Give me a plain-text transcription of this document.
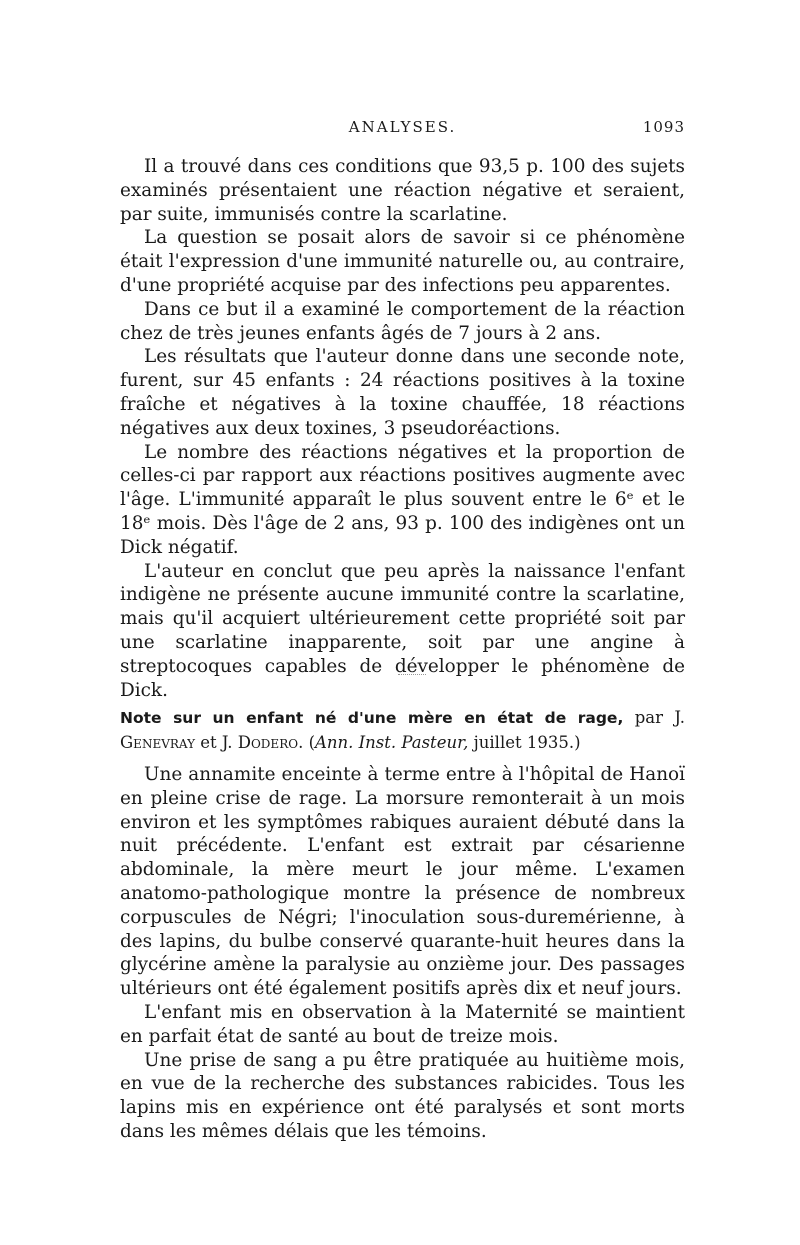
ANALYSES.	1093

Il a trouvé dans ces conditions que 93,5 p. 100 des sujets examinés présentaient une réaction négative et seraient, par suite, immunisés contre la scarlatine.

La question se posait alors de savoir si ce phénomène était l'expression d'une immunité naturelle ou, au contraire, d'une propriété acquise par des infections peu apparentes.

Dans ce but il a examiné le comportement de la réaction chez de très jeunes enfants âgés de 7 jours à 2 ans.

Les résultats que l'auteur donne dans une seconde note, furent, sur 45 enfants : 24 réactions positives à la toxine fraîche et négatives à la toxine chauffée, 18 réactions négatives aux deux toxines, 3 pseudoréactions.

Le nombre des réactions négatives et la proportion de celles-ci par rapport aux réactions positives augmente avec l'âge. L'immunité apparaît le plus souvent entre le 6ᵉ et le 18ᵉ mois. Dès l'âge de 2 ans, 93 p. 100 des indigènes ont un Dick négatif.

L'auteur en conclut que peu après la naissance l'enfant indigène ne présente aucune immunité contre la scarlatine, mais qu'il acquiert ultérieurement cette propriété soit par une scarlatine inapparente, soit par une angine à streptocoques capables de développer le phénomène de Dick.

Note sur un enfant né d'une mère en état de rage, par J. Genevray et J. Dodero. (Ann. Inst. Pasteur, juillet 1935.)

Une annamite enceinte à terme entre à l'hôpital de Hanoï en pleine crise de rage. La morsure remonterait à un mois environ et les symptômes rabiques auraient débuté dans la nuit précédente. L'enfant est extrait par césarienne abdominale, la mère meurt le jour même. L'examen anatomo-pathologique montre la présence de nombreux corpuscules de Négri; l'inoculation sous-duremérienne, à des lapins, du bulbe conservé quarante-huit heures dans la glycérine amène la paralysie au onzième jour. Des passages ultérieurs ont été également positifs après dix et neuf jours.

L'enfant mis en observation à la Maternité se maintient en parfait état de santé au bout de treize mois.

Une prise de sang a pu être pratiquée au huitième mois, en vue de la recherche des substances rabicides. Tous les lapins mis en expérience ont été paralysés et sont morts dans les mêmes délais que les témoins.
